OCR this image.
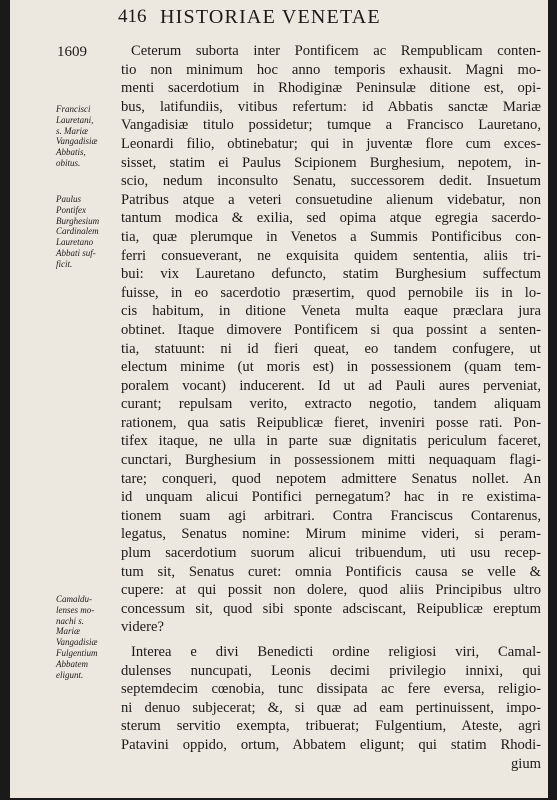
416 HISTORIAE VENETAE
1609
Francisci
Lauretani,
s. Mariæ
Vangadisiæ
Abbatis,
obitus.
Paulus
Pontifex
Burghesium
Cardinalem
Lauretano
Abbati suf-
ficit.
Camaldu-
lenses mo-
nachi s.
Mariæ
Vangadisiæ
Fulgentium
Abbatem
eligunt.
Ceterum suborta inter Pontificem ac Rempublicam conten-
tio non minimum hoc anno temporis exhausit. Magni mo-
menti sacerdotium in Rhodiginæ Peninsulæ ditione est, opi-
bus, latifundiis, vitibus refertum: id Abbatis sanctæ Mariæ
Vangadisiæ titulo possidetur; tumque a Francisco Lauretano,
Leonardi filio, obtinebatur; qui in juventæ flore cum exces-
sisset, statim ei Paulus Scipionem Burghesium, nepotem, in-
scio, nedum inconsulto Senatu, successorem dedit. Insuetum
Patribus atque a veteri consuetudine alienum videbatur, non
tantum modica & exilia, sed opima atque egregia sacerdo-
tia, quæ plerumque in Venetos a Summis Pontificibus con-
ferri consueverant, ne exquisita quidem sententia, aliis tri-
bui: vix Lauretano defuncto, statim Burghesium suffectum
fuisse, in eo sacerdotio præsertim, quod pernobile iis in lo-
cis habitum, in ditione Veneta multa eaque præclara jura
obtinet. Itaque dimovere Pontificem si qua possint a senten-
tia, statuunt: ni id fieri queat, eo tandem confugere, ut
electum minime (ut moris est) in possessionem (quam tem-
poralem vocant) inducerent. Id ut ad Pauli aures perveniat,
curant; repulsam verito, extracto negotio, tandem aliquam
rationem, qua satis Reipublicæ fieret, inveniri posse rati. Pon-
tifex itaque, ne ulla in parte suæ dignitatis periculum faceret,
cunctari, Burghesium in possessionem mitti nequaquam flagi-
tare; conqueri, quod nepotem admittere Senatus nollet. An
id unquam alicui Pontifici pernegatum? hac in re existima-
tionem suam agi arbitrari. Contra Franciscus Contarenus,
legatus, Senatus nomine: Mirum minime videri, si peram-
plum sacerdotium suorum alicui tribuendum, uti usu recep-
tum sit, Senatus curet: omnia Pontificis causa se velle &
cupere: at qui possit non dolere, quod aliis Principibus ultro
concessum sit, quod sibi sponte adsciscant, Reipublicæ ereptum
videre?
Interea e divi Benedicti ordine religiosi viri, Camal-
dulenses nuncupati, Leonis decimi privilegio innixi, qui
septemdecim cœnobia, tunc dissipata ac fere eversa, religio-
ni denuo subjecerat; &, si quæ ad eam pertinuissent, impo-
sterum servitio exempta, tribuerat; Fulgentium, Ateste, agri
Patavini oppido, ortum, Abbatem eligunt; qui statim Rhodi-
gium
